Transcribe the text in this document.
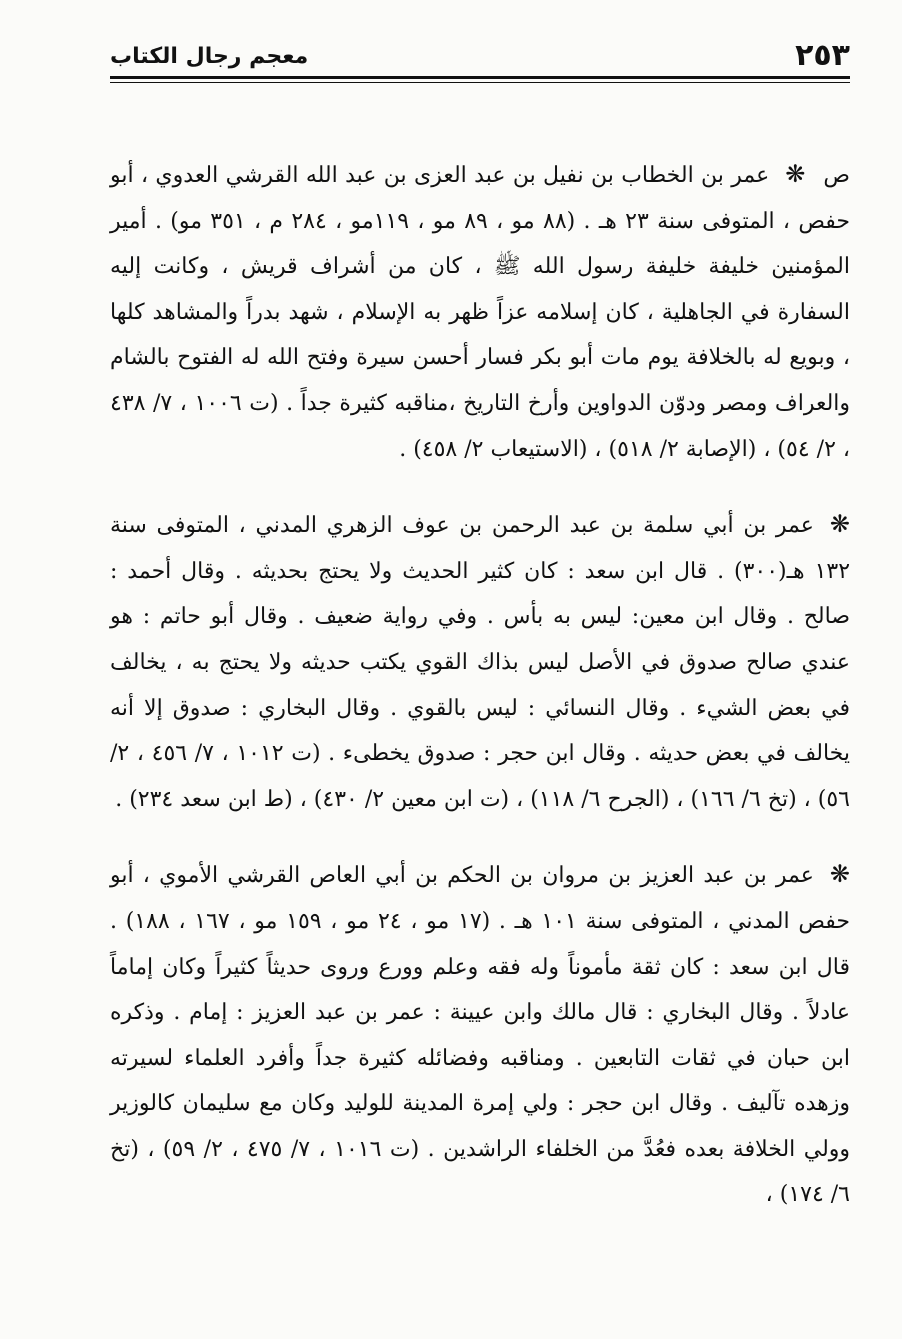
٢٥٣
معجم رجال الكتاب

ص❋عمر بن الخطاب بن نفيل بن عبد العزى بن عبد الله القرشي العدوي ، أبو حفص ، المتوفى سنة ٢٣ هـ . (٨٨ مو ، ٨٩ مو ، ١١٩مو ، ٢٨٤ م ، ٣٥١ مو) . أمير المؤمنين خليفة خليفة رسول الله ﷺ ، كان من أشراف قريش ، وكانت إليه السفارة في الجاهلية ، كان إسلامه عزاً ظهر به الإسلام ، شهد بدراً والمشاهد كلها ، وبويع له بالخلافة يوم مات أبو بكر فسار أحسن سيرة وفتح الله له الفتوح بالشام والعراف ومصر ودوّن الدواوين وأرخ التاريخ ،مناقبه كثيرة جداً . (ت ١٠٠٦ ، ٧/ ٤٣٨ ، ٢/ ٥٤) ، (الإصابة ٢/ ٥١٨) ، (الاستيعاب ٢/ ٤٥٨) .

❋عمر بن أبي سلمة بن عبد الرحمن بن عوف الزهري المدني ، المتوفى سنة ١٣٢ هـ(٣٠٠) . قال ابن سعد : كان كثير الحديث ولا يحتج بحديثه . وقال أحمد : صالح . وقال ابن معين: ليس به بأس . وفي رواية ضعيف . وقال أبو حاتم : هو عندي صالح صدوق في الأصل ليس بذاك القوي يكتب حديثه ولا يحتج به ، يخالف في بعض الشيء . وقال النسائي : ليس بالقوي . وقال البخاري : صدوق إلا أنه يخالف في بعض حديثه . وقال ابن حجر : صدوق يخطىء . (ت ١٠١٢ ، ٧/ ٤٥٦ ، ٢/ ٥٦) ، (تخ ٦/ ١٦٦) ، (الجرح ٦/ ١١٨) ، (ت ابن معين ٢/ ٤٣٠) ، (ط ابن سعد ٢٣٤) .

❋عمر بن عبد العزيز بن مروان بن الحكم بن أبي العاص القرشي الأموي ، أبو حفص المدني ، المتوفى سنة ١٠١ هـ . (١٧ مو ، ٢٤ مو ، ١٥٩ مو ، ١٦٧ ، ١٨٨) . قال ابن سعد : كان ثقة مأموناً وله فقه وعلم وورع وروى حديثاً كثيراً وكان إماماً عادلاً . وقال البخاري : قال مالك وابن عيينة : عمر بن عبد العزيز : إمام . وذكره ابن حبان في ثقات التابعين . ومناقبه وفضائله كثيرة جداً وأفرد العلماء لسيرته وزهده تآليف . وقال ابن حجر : ولي إمرة المدينة للوليد وكان مع سليمان كالوزير وولي الخلافة بعده فعُدَّ من الخلفاء الراشدين . (ت ١٠١٦ ، ٧/ ٤٧٥ ، ٢/ ٥٩) ، (تخ ٦/ ١٧٤) ،
